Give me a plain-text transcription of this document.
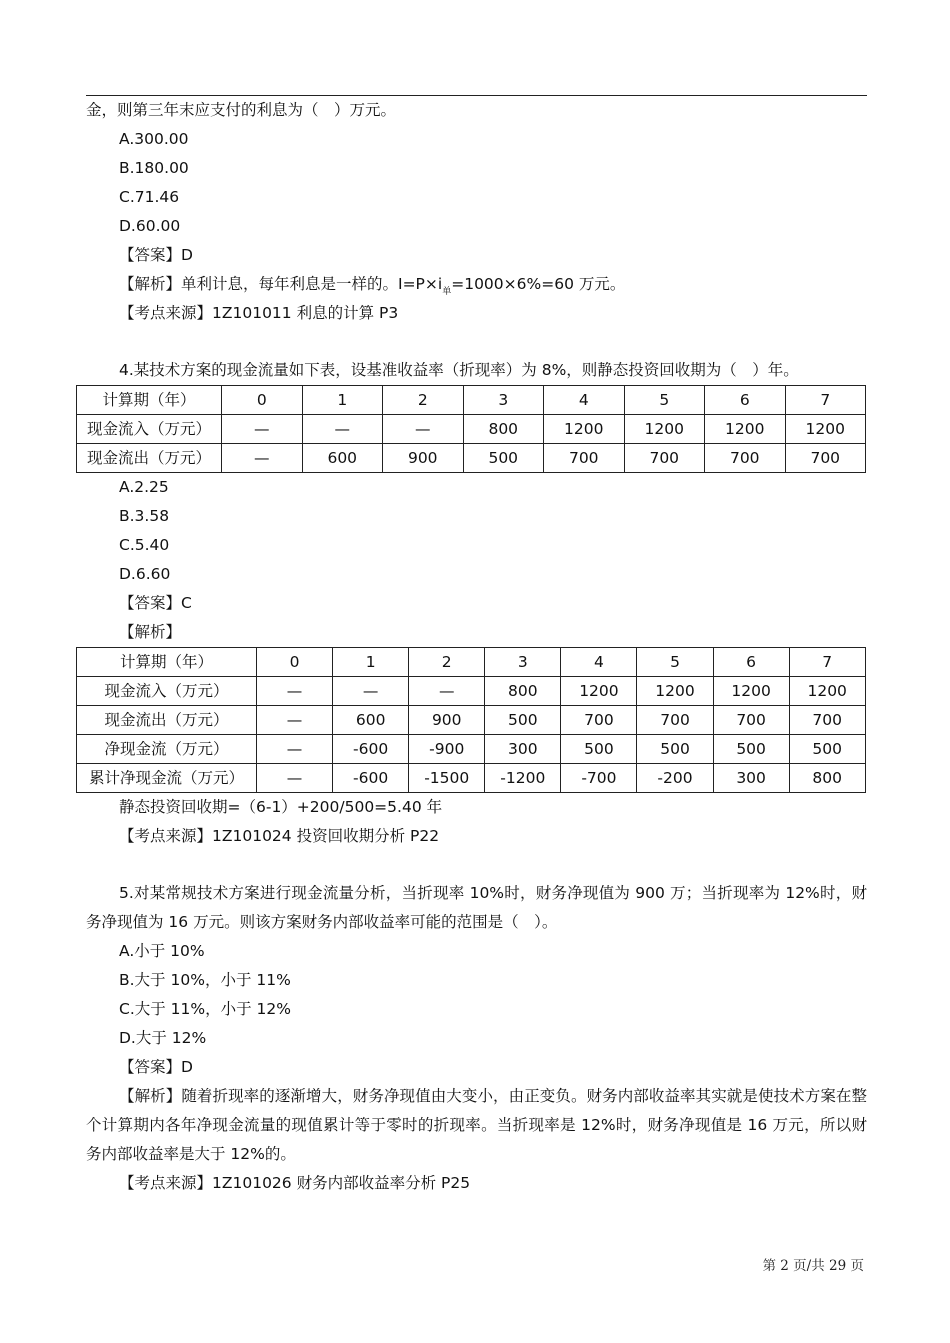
金，则第三年末应支付的利息为（　）万元。
A.300.00
B.180.00
C.71.46
D.60.00
【答案】D
【解析】单利计息，每年利息是一样的。$I=P\times i_单=1000\times 6\%=60$ 万元。
【考点来源】1Z101011 利息的计算 P3
4.某技术方案的现金流量如下表，设基准收益率（折现率）为 8%，则静态投资回收期为（　）年。
计算期（年）	0	1	2	3	4	5	6	7
现金流入（万元）	—	—	—	800	1200	1200	1200	1200
现金流出（万元）	—	600	900	500	700	700	700	700
A.2.25
B.3.58
C.5.40
D.6.60
【答案】C
【解析】
计算期（年）	0	1	2	3	4	5	6	7
现金流入（万元）	—	—	—	800	1200	1200	1200	1200
现金流出（万元）	—	600	900	500	700	700	700	700
净现金流（万元）	—	-600	-900	300	500	500	500	500
累计净现金流（万元）	—	-600	-1500	-1200	-700	-200	300	800
静态投资回收期=（6-1）+200/500=5.40 年
【考点来源】1Z101024 投资回收期分析 P22
5.对某常规技术方案进行现金流量分析，当折现率 10%时，财务净现值为 900 万；当折现率为 12%时，财务净现值为 16 万元。则该方案财务内部收益率可能的范围是（　）。
A.小于 10%
B.大于 10%，小于 11%
C.大于 11%，小于 12%
D.大于 12%
【答案】D
【解析】随着折现率的逐渐增大，财务净现值由大变小，由正变负。财务内部收益率其实就是使技术方案在整个计算期内各年净现金流量的现值累计等于零时的折现率。当折现率是 12%时，财务净现值是 16 万元，所以财务内部收益率是大于 12%的。
【考点来源】1Z101026 财务内部收益率分析 P25
第 2 页/共 29 页
